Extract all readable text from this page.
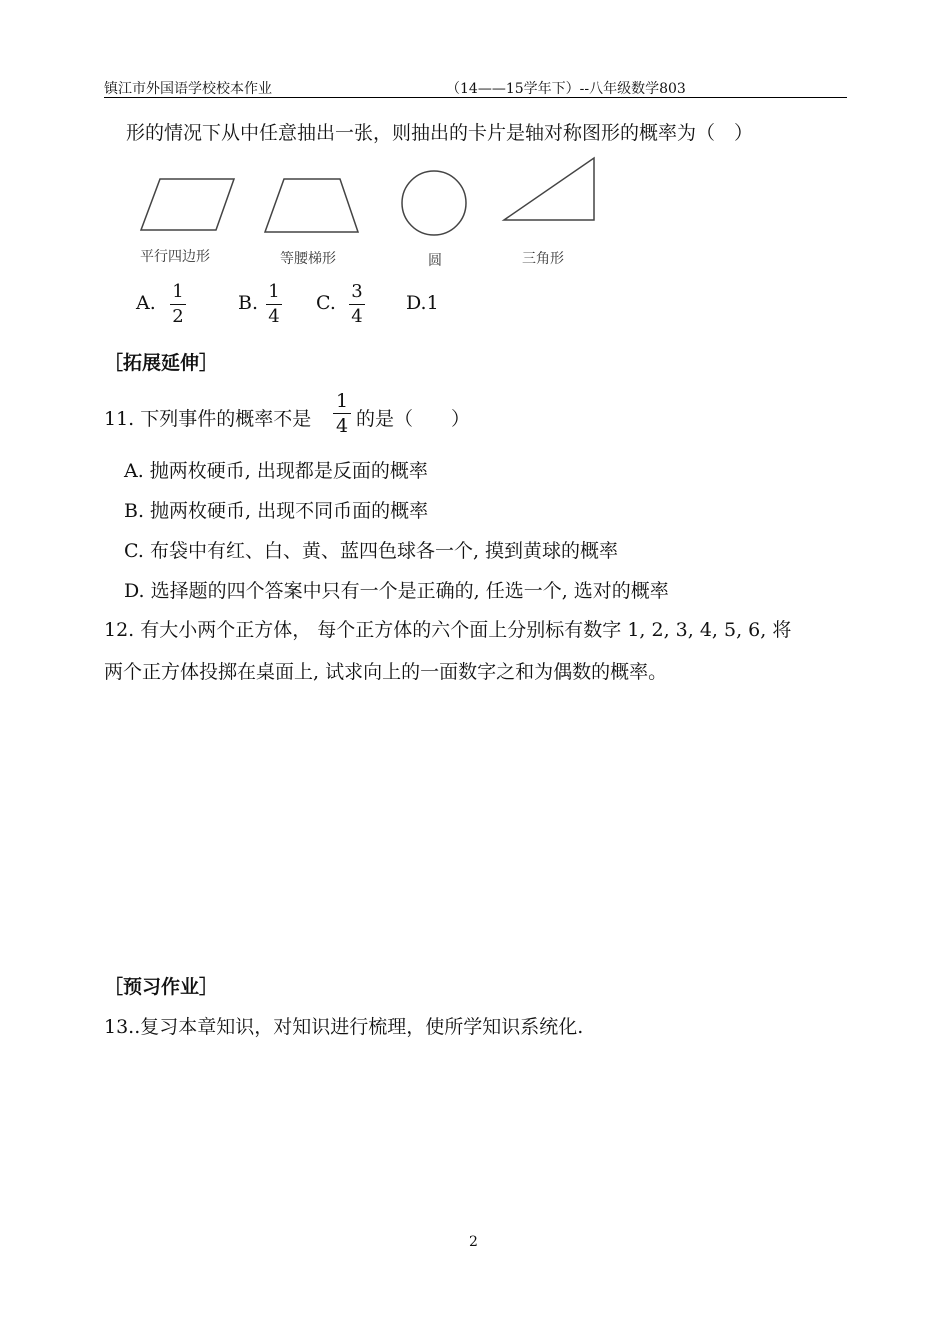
镇江市外国语学校校本作业	（14——15学年下）--八年级数学803
形的情况下从中任意抽出一张，则抽出的卡片是轴对称图形的概率为（　）
平行四边形	等腰梯形	圆	三角形
A.
1
2
B.
1
4
C.
3
4
D.1
［拓展延伸］
11. 下列事件的概率不是
1
4 的是（　　）
A. 抛两枚硬币, 出现都是反面的概率
B. 抛两枚硬币, 出现不同币面的概率
C. 布袋中有红、白、黄、蓝四色球各一个, 摸到黄球的概率
D. 选择题的四个答案中只有一个是正确的, 任选一个, 选对的概率
12. 有大小两个正方体， 每个正方体的六个面上分别标有数字 1, 2, 3, 4, 5, 6, 将
两个正方体投掷在桌面上, 试求向上的一面数字之和为偶数的概率。
［预习作业］
13..复习本章知识，对知识进行梳理，使所学知识系统化.
2
